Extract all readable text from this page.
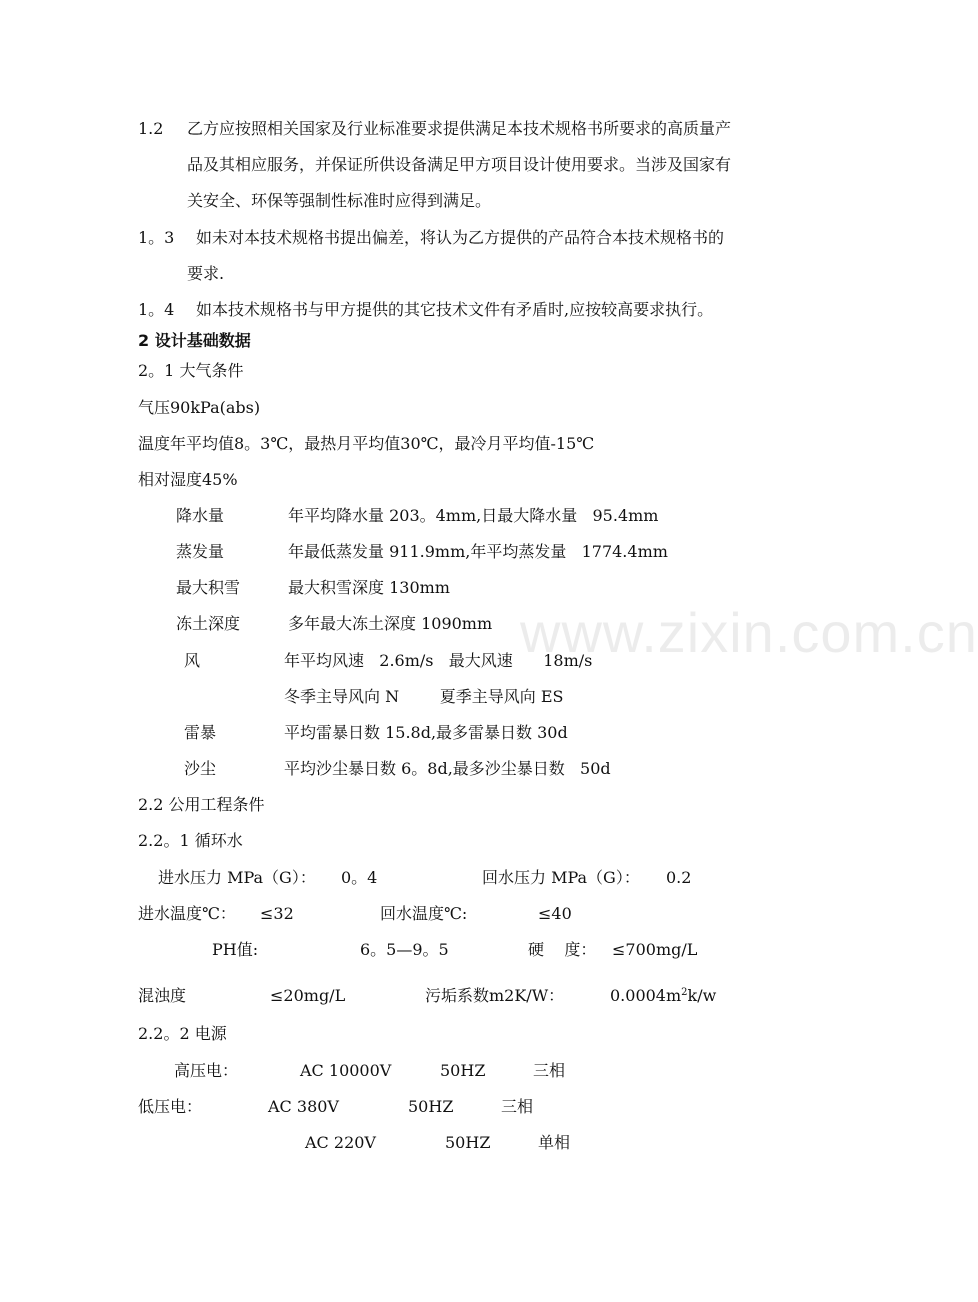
www.zixin.com.cn
1.2 乙方应按照相关国家及行业标准要求提供满足本技术规格书所要求的高质量产
品及其相应服务，并保证所供设备满足甲方项目设计使用要求。当涉及国家有
关安全、环保等强制性标准时应得到满足。
1。3 如未对本技术规格书提出偏差，将认为乙方提供的产品符合本技术规格书的
要求.
1。4 如本技术规格书与甲方提供的其它技术文件有矛盾时,应按较高要求执行。
2 设计基础数据
2。1 大气条件
气压90kPa(abs)
温度年平均值8。3℃，最热月平均值30℃，最冷月平均值-15℃
相对湿度45%
降水量	年平均降水量 203。4mm,日最大降水量   95.4mm
蒸发量	年最低蒸发量 911.9mm,年平均蒸发量   1774.4mm
最大积雪	最大积雪深度 130mm
冻土深度	多年最大冻土深度 1090mm
风	年平均风速   2.6m/s   最大风速      18m/s
冬季主导风向 N        夏季主导风向 ES
雷暴	平均雷暴日数 15.8d,最多雷暴日数 30d
沙尘	平均沙尘暴日数 6。8d,最多沙尘暴日数   50d
2.2 公用工程条件
2.2。1 循环水
进水压力 MPa（G）： 0。4	回水压力 MPa（G）： 0.2
进水温度℃： ≤32	回水温度℃:	≤40
PH值:	6。5—9。5	硬    度： ≤700mg/L
混浊度	≤20mg/L	污垢系数m2K/W：	$0.0004m^2k/w$
2.2。2 电源
高压电：	AC 10000V	50HZ	三相
低压电：	AC 380V	50HZ	三相
AC 220V	50HZ	单相
